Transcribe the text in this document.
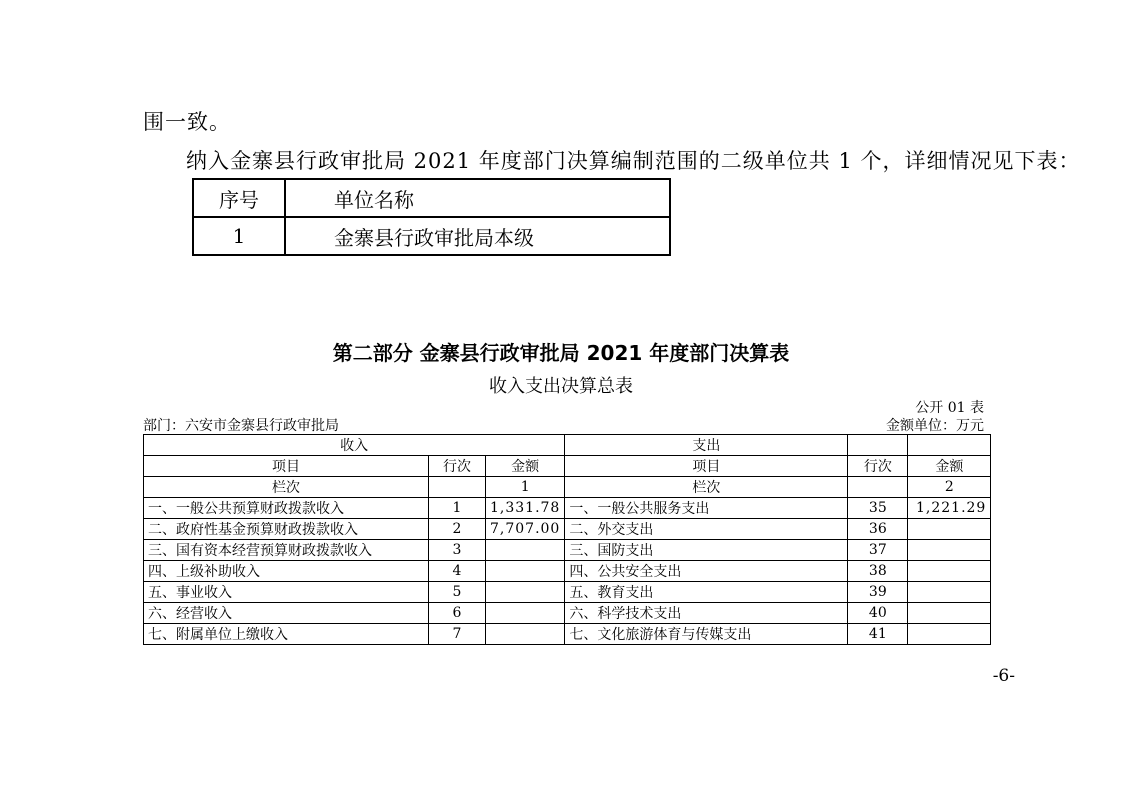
围一致。
纳入金寨县行政审批局 2021 年度部门决算编制范围的二级单位共 1 个，详细情况见下表：
序号	单位名称
1	金寨县行政审批局本级
第二部分 金寨县行政审批局 2021 年度部门决算表
收入支出决算总表
公开 01 表
部门：六安市金寨县行政审批局	金额单位：万元
收入			支出		
项目	行次	金额	项目	行次	金额
栏次		1	栏次		2
一、一般公共预算财政拨款收入	1	1,331.78	一、一般公共服务支出	35	1,221.29
二、政府性基金预算财政拨款收入	2	7,707.00	二、外交支出	36	
三、国有资本经营预算财政拨款收入	3		三、国防支出	37	
四、上级补助收入	4		四、公共安全支出	38	
五、事业收入	5		五、教育支出	39	
六、经营收入	6		六、科学技术支出	40	
七、附属单位上缴收入	7		七、文化旅游体育与传媒支出	41	
-6-
